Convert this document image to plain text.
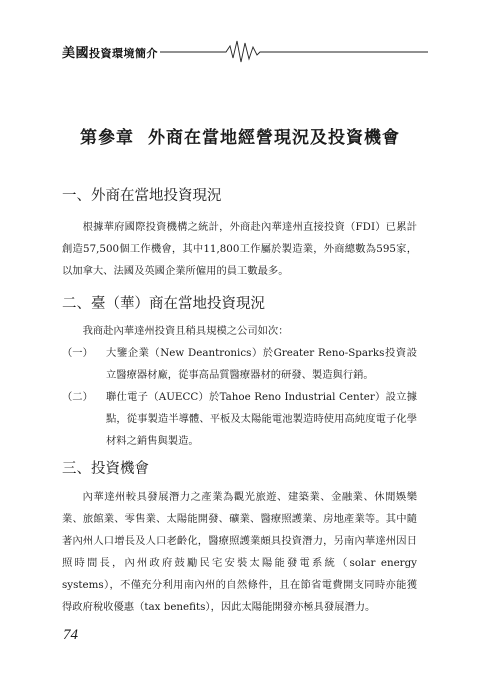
美國投資環境簡介
第參章 外商在當地經營現況及投資機會
一、外商在當地投資現況

根據華府國際投資機構之統計，外商赴內華達州直接投資（FDI）已累計創造57,500個工作機會，其中11,800工作屬於製造業，外商總數為595家，以加拿大、法國及英國企業所僱用的員工數最多。

二、臺（華）商在當地投資現況

我商赴內華達州投資且稍具規模之公司如次：

（一）	大鑒企業（New Deantronics）於Greater Reno-Sparks投資設立醫療器材廠，從事高品質醫療器材的研發、製造與行銷。
（二）	聯仕電子（AUECC）於Tahoe Reno Industrial Center）設立據點，從事製造半導體、平板及太陽能電池製造時使用高純度電子化學材料之銷售與製造。
三、投資機會

內華達州較具發展潛力之產業為觀光旅遊、建築業、金融業、休閒娛樂業、旅館業、零售業、太陽能開發、礦業、醫療照護業、房地產業等。其中隨著內州人口增長及人口老齡化，醫療照護業頗具投資潛力，另南內華達州因日照時間長，內州政府鼓勵民宅安裝太陽能發電系統（solar energy systems），不僅充分利用南內州的自然條件，且在節省電費開支同時亦能獲得政府稅收優惠（tax benefits），因此太陽能開發亦極具發展潛力。

74
